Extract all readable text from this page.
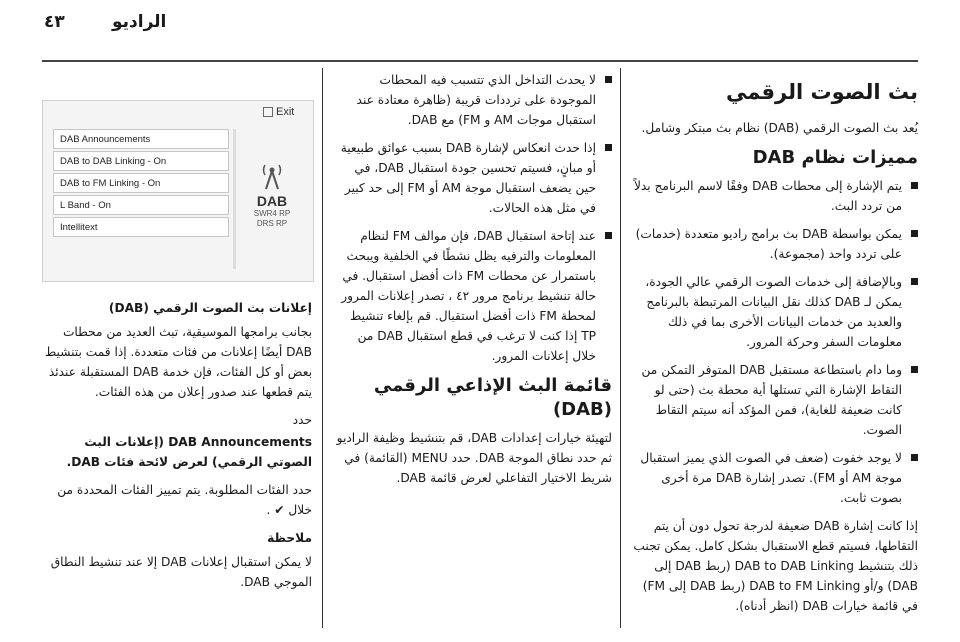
٤٣	الراديو
بث الصوت الرقمي

يُعد بث الصوت الرقمي (DAB) نظام بث مبتكر وشامل.

مميزات نظام DAB
يتم الإشارة إلى محطات DAB وفقًا لاسم البرنامج بدلاً من تردد البث.
يمكن بواسطة DAB بث برامج راديو متعددة (خدمات) على تردد واحد (مجموعة).
وبالإضافة إلى خدمات الصوت الرقمي عالي الجودة، يمكن لـ DAB كذلك نقل البيانات المرتبطة بالبرنامج والعديد من خدمات البيانات الأخرى بما في ذلك معلومات السفر وحركة المرور.
وما دام باستطاعة مستقبل DAB المتوفر التمكن من التقاط الإشارة التي تستلها أية محطة بث (حتى لو كانت ضعيفة للغاية)، فمن المؤكد أنه سيتم التقاط الصوت.
لا يوجد خفوت (ضعف في الصوت الذي يميز استقبال موجة AM أو FM). تصدر إشارة DAB مرة أخرى بصوت ثابت.

إذا كانت إشارة DAB ضعيفة لدرجة تحول دون أن يتم التقاطها، فسيتم قطع الاستقبال بشكل كامل. يمكن تجنب ذلك بتنشيط DAB to DAB Linking (ربط DAB إلى DAB) و/أو DAB to FM Linking (ربط DAB إلى FM) في قائمة خيارات DAB (انظر أدناه).

لا يحدث التداخل الذي تتسبب فيه المحطات الموجودة على ترددات قريبة (ظاهرة معتادة عند استقبال موجات AM و FM) مع DAB.
إذا حدث انعكاس لإشارة DAB بسبب عوائق طبيعية أو مبانٍ، فسيتم تحسين جودة استقبال DAB، في حين يضعف استقبال موجة AM أو FM إلى حد كبير في مثل هذه الحالات.
عند إتاحة استقبال DAB، فإن موالف FM لنظام المعلومات والترفيه يظل نشطًا في الخلفية ويبحث باستمرار عن محطات FM ذات أفضل استقبال. في حالة تنشيط برنامج مرور ٤٢ ، تصدر إعلانات المرور لمحطة FM ذات أفضل استقبال. قم بإلغاء تنشيط TP إذا كنت لا ترغب في قطع استقبال DAB من خلال إعلانات المرور.
قائمة البث الإذاعي الرقمي (DAB)

لتهيئة خيارات إعدادات DAB، قم بتنشيط وظيفة الراديو ثم حدد نطاق الموجة DAB. حدد MENU (القائمة) في شريط الاختيار التفاعلي لعرض قائمة DAB.

Exit
DAB Announcements
DAB to DAB Linking - On
DAB to FM Linking - On
L Band - On
Intellitext
DAB
SWR4 RP
DRS RP

إعلانات بث الصوت الرقمي (DAB)

بجانب برامجها الموسيقية، تبث العديد من محطات DAB أيضًا إعلانات من فئات متعددة. إذا قمت بتنشيط بعض أو كل الفئات، فإن خدمة DAB المستقبلة عندئذ يتم قطعها عند صدور إعلان من هذه الفئات.

حدد

DAB Announcements (إعلانات البث الصوتي الرقمي) لعرض لائحة فئات DAB.

حدد الفئات المطلوبة. يتم تمييز الفئات المحددة من خلال ✔ .

ملاحظة

لا يمكن استقبال إعلانات DAB إلا عند تنشيط النطاق الموجي DAB.
